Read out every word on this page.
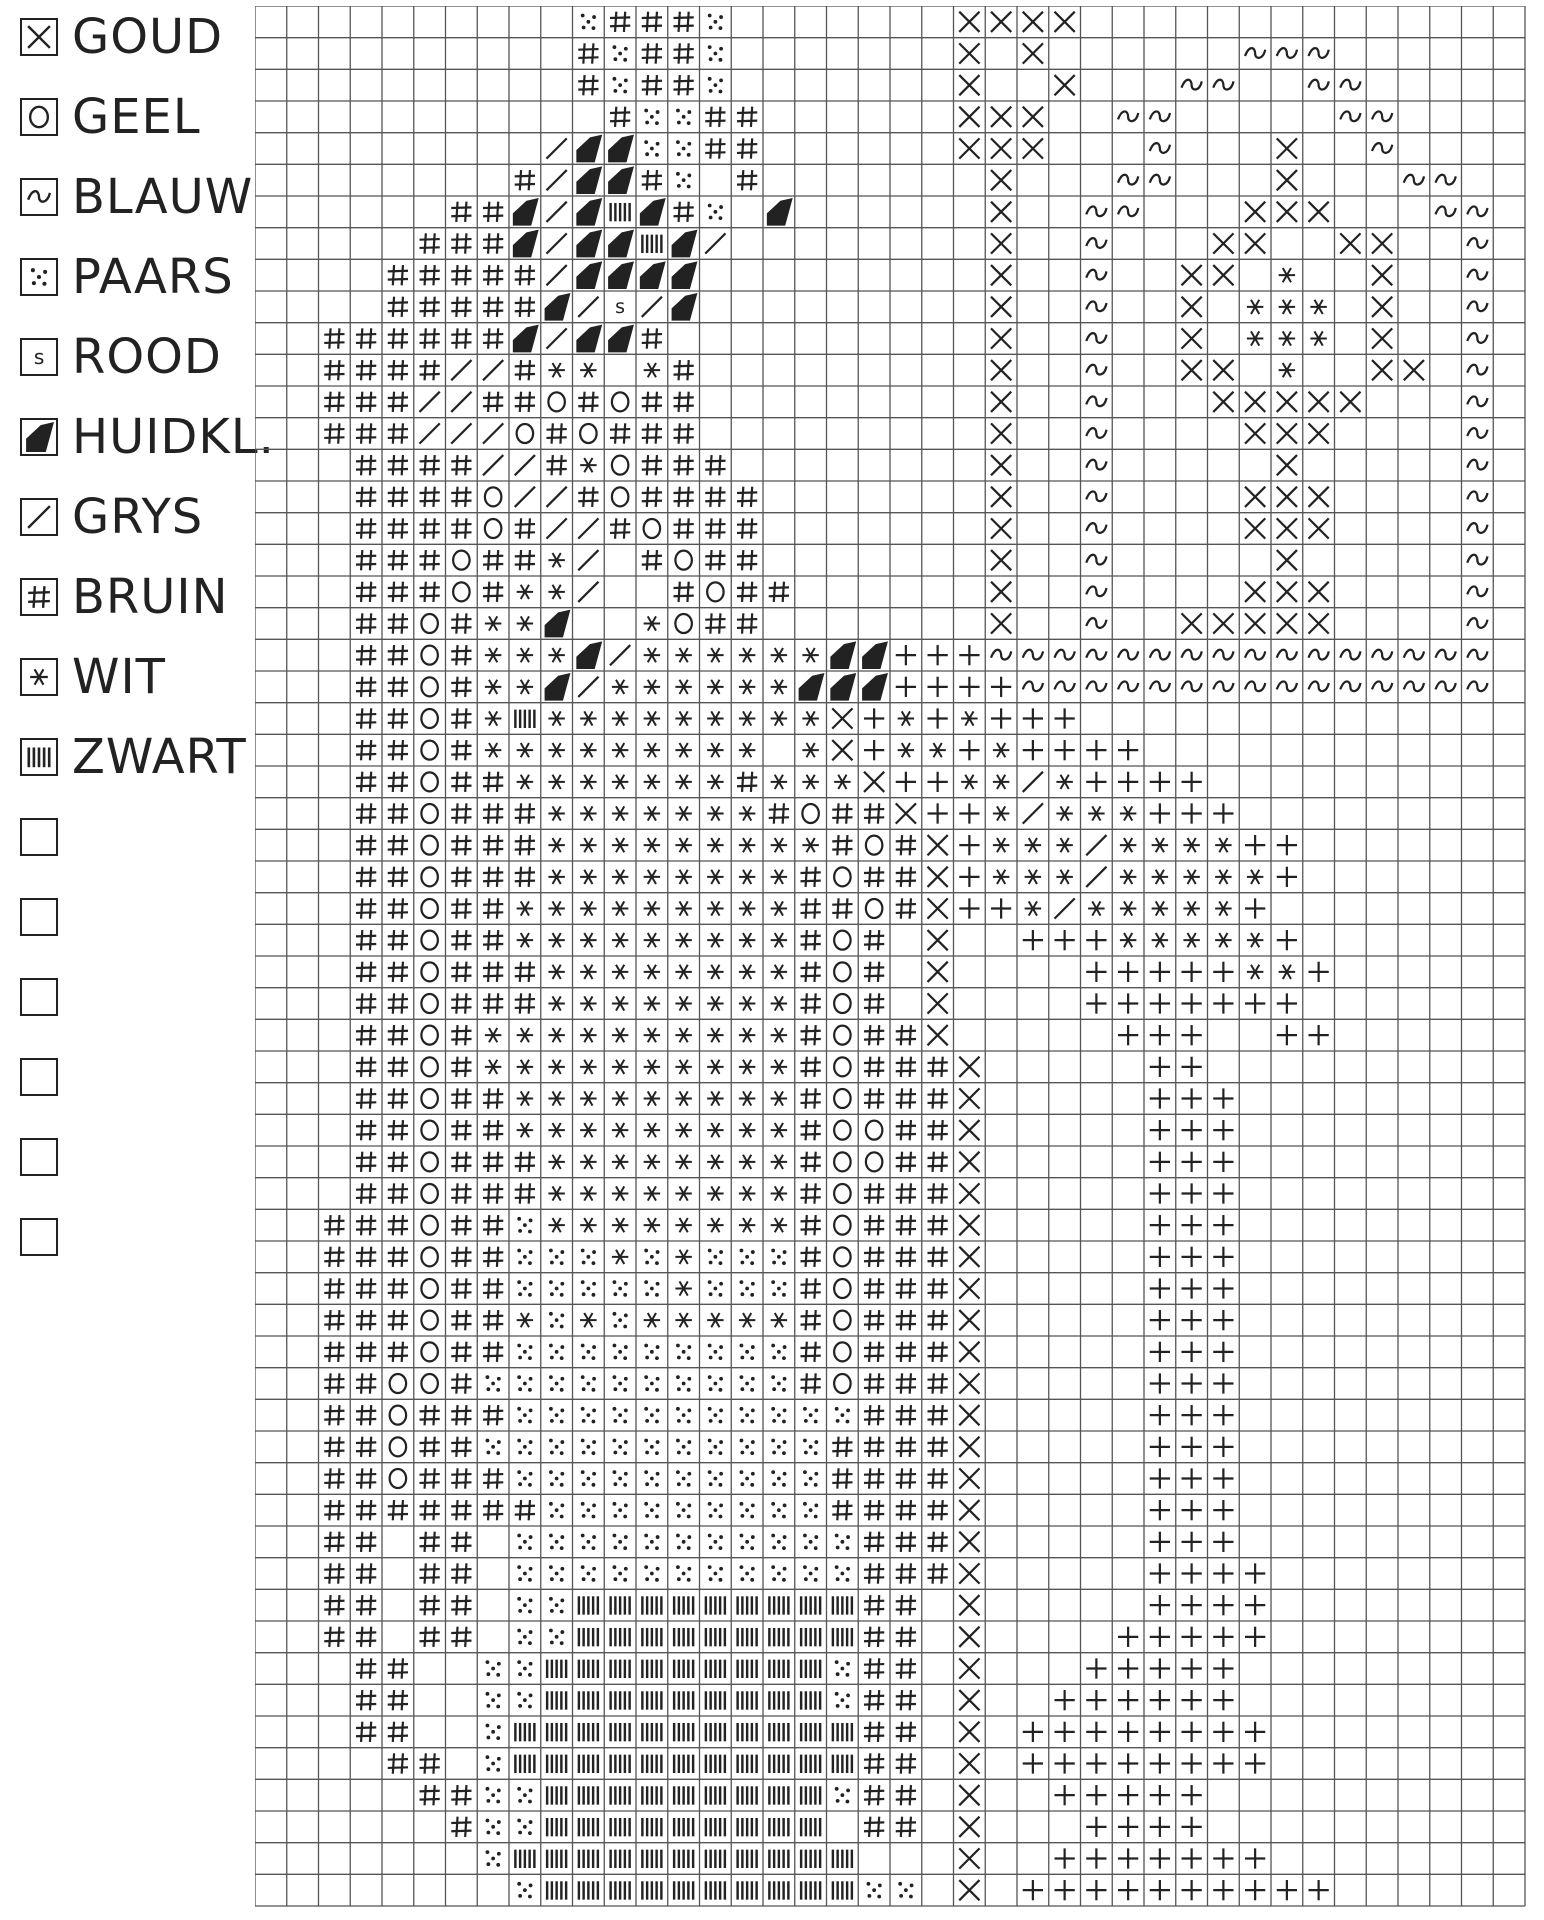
GOUD
GEEL
BLAUW
PAARS
s ROOD
HUIDKL.
GRYS
BRUIN
WIT
ZWART
s
